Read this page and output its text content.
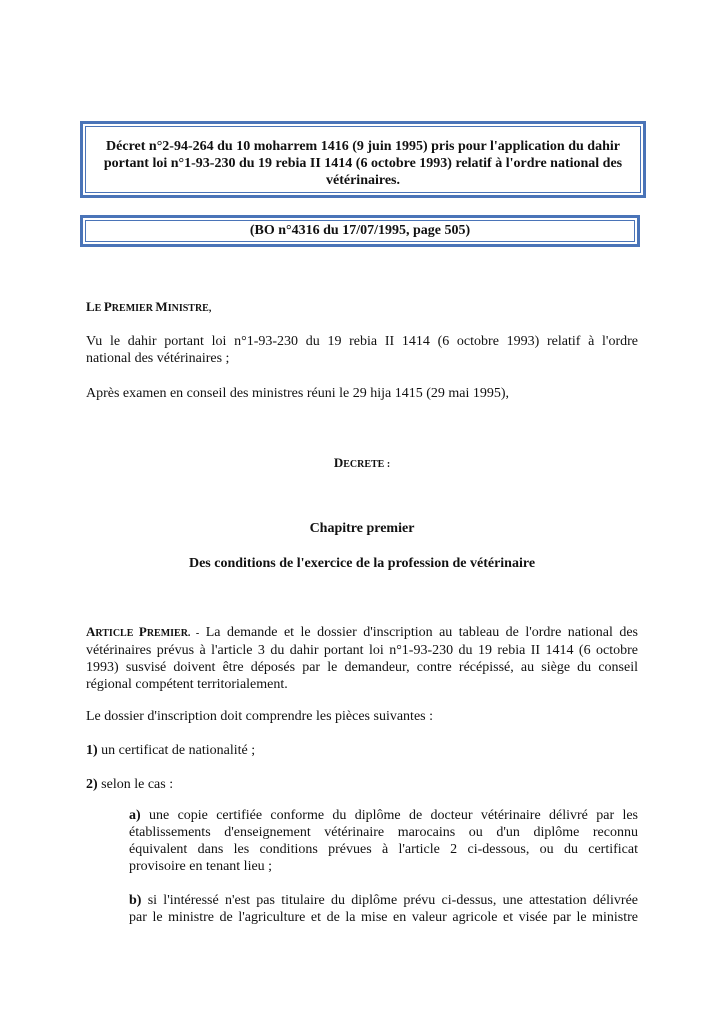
Décret n°2-94-264 du 10 moharrem 1416 (9 juin 1995) pris pour l'application du dahir
portant loi n°1-93-230 du 19 rebia II 1414 (6 octobre 1993) relatif à l'ordre national des
vétérinaires.
(BO n°4316 du 17/07/1995, page 505)

LE PREMIER MINISTRE,

Vu le dahir portant loi n°1-93-230 du 19 rebia II 1414 (6 octobre 1993) relatif à l'ordre
national des vétérinaires ;

Après examen en conseil des ministres réuni le 29 hija 1415 (29 mai 1995),

DECRETE :

Chapitre premier

Des conditions de l'exercice de la profession de vétérinaire

ARTICLE PREMIER. - La demande et le dossier d'inscription au tableau de l'ordre national des
vétérinaires prévus à l'article 3 du dahir portant loi n°1-93-230 du 19 rebia II 1414 (6 octobre
1993) susvisé doivent être déposés par le demandeur, contre récépissé, au siège du conseil
régional compétent territorialement.

Le dossier d'inscription doit comprendre les pièces suivantes :

1) un certificat de nationalité ;

2) selon le cas :

a) une copie certifiée conforme du diplôme de docteur vétérinaire délivré par les
établissements d'enseignement vétérinaire marocains ou d'un diplôme reconnu
équivalent dans les conditions prévues à l'article 2 ci-dessous, ou du certificat
provisoire en tenant lieu ;

b) si l'intéressé n'est pas titulaire du diplôme prévu ci-dessus, une attestation délivrée
par le ministre de l'agriculture et de la mise en valeur agricole et visée par le ministre
